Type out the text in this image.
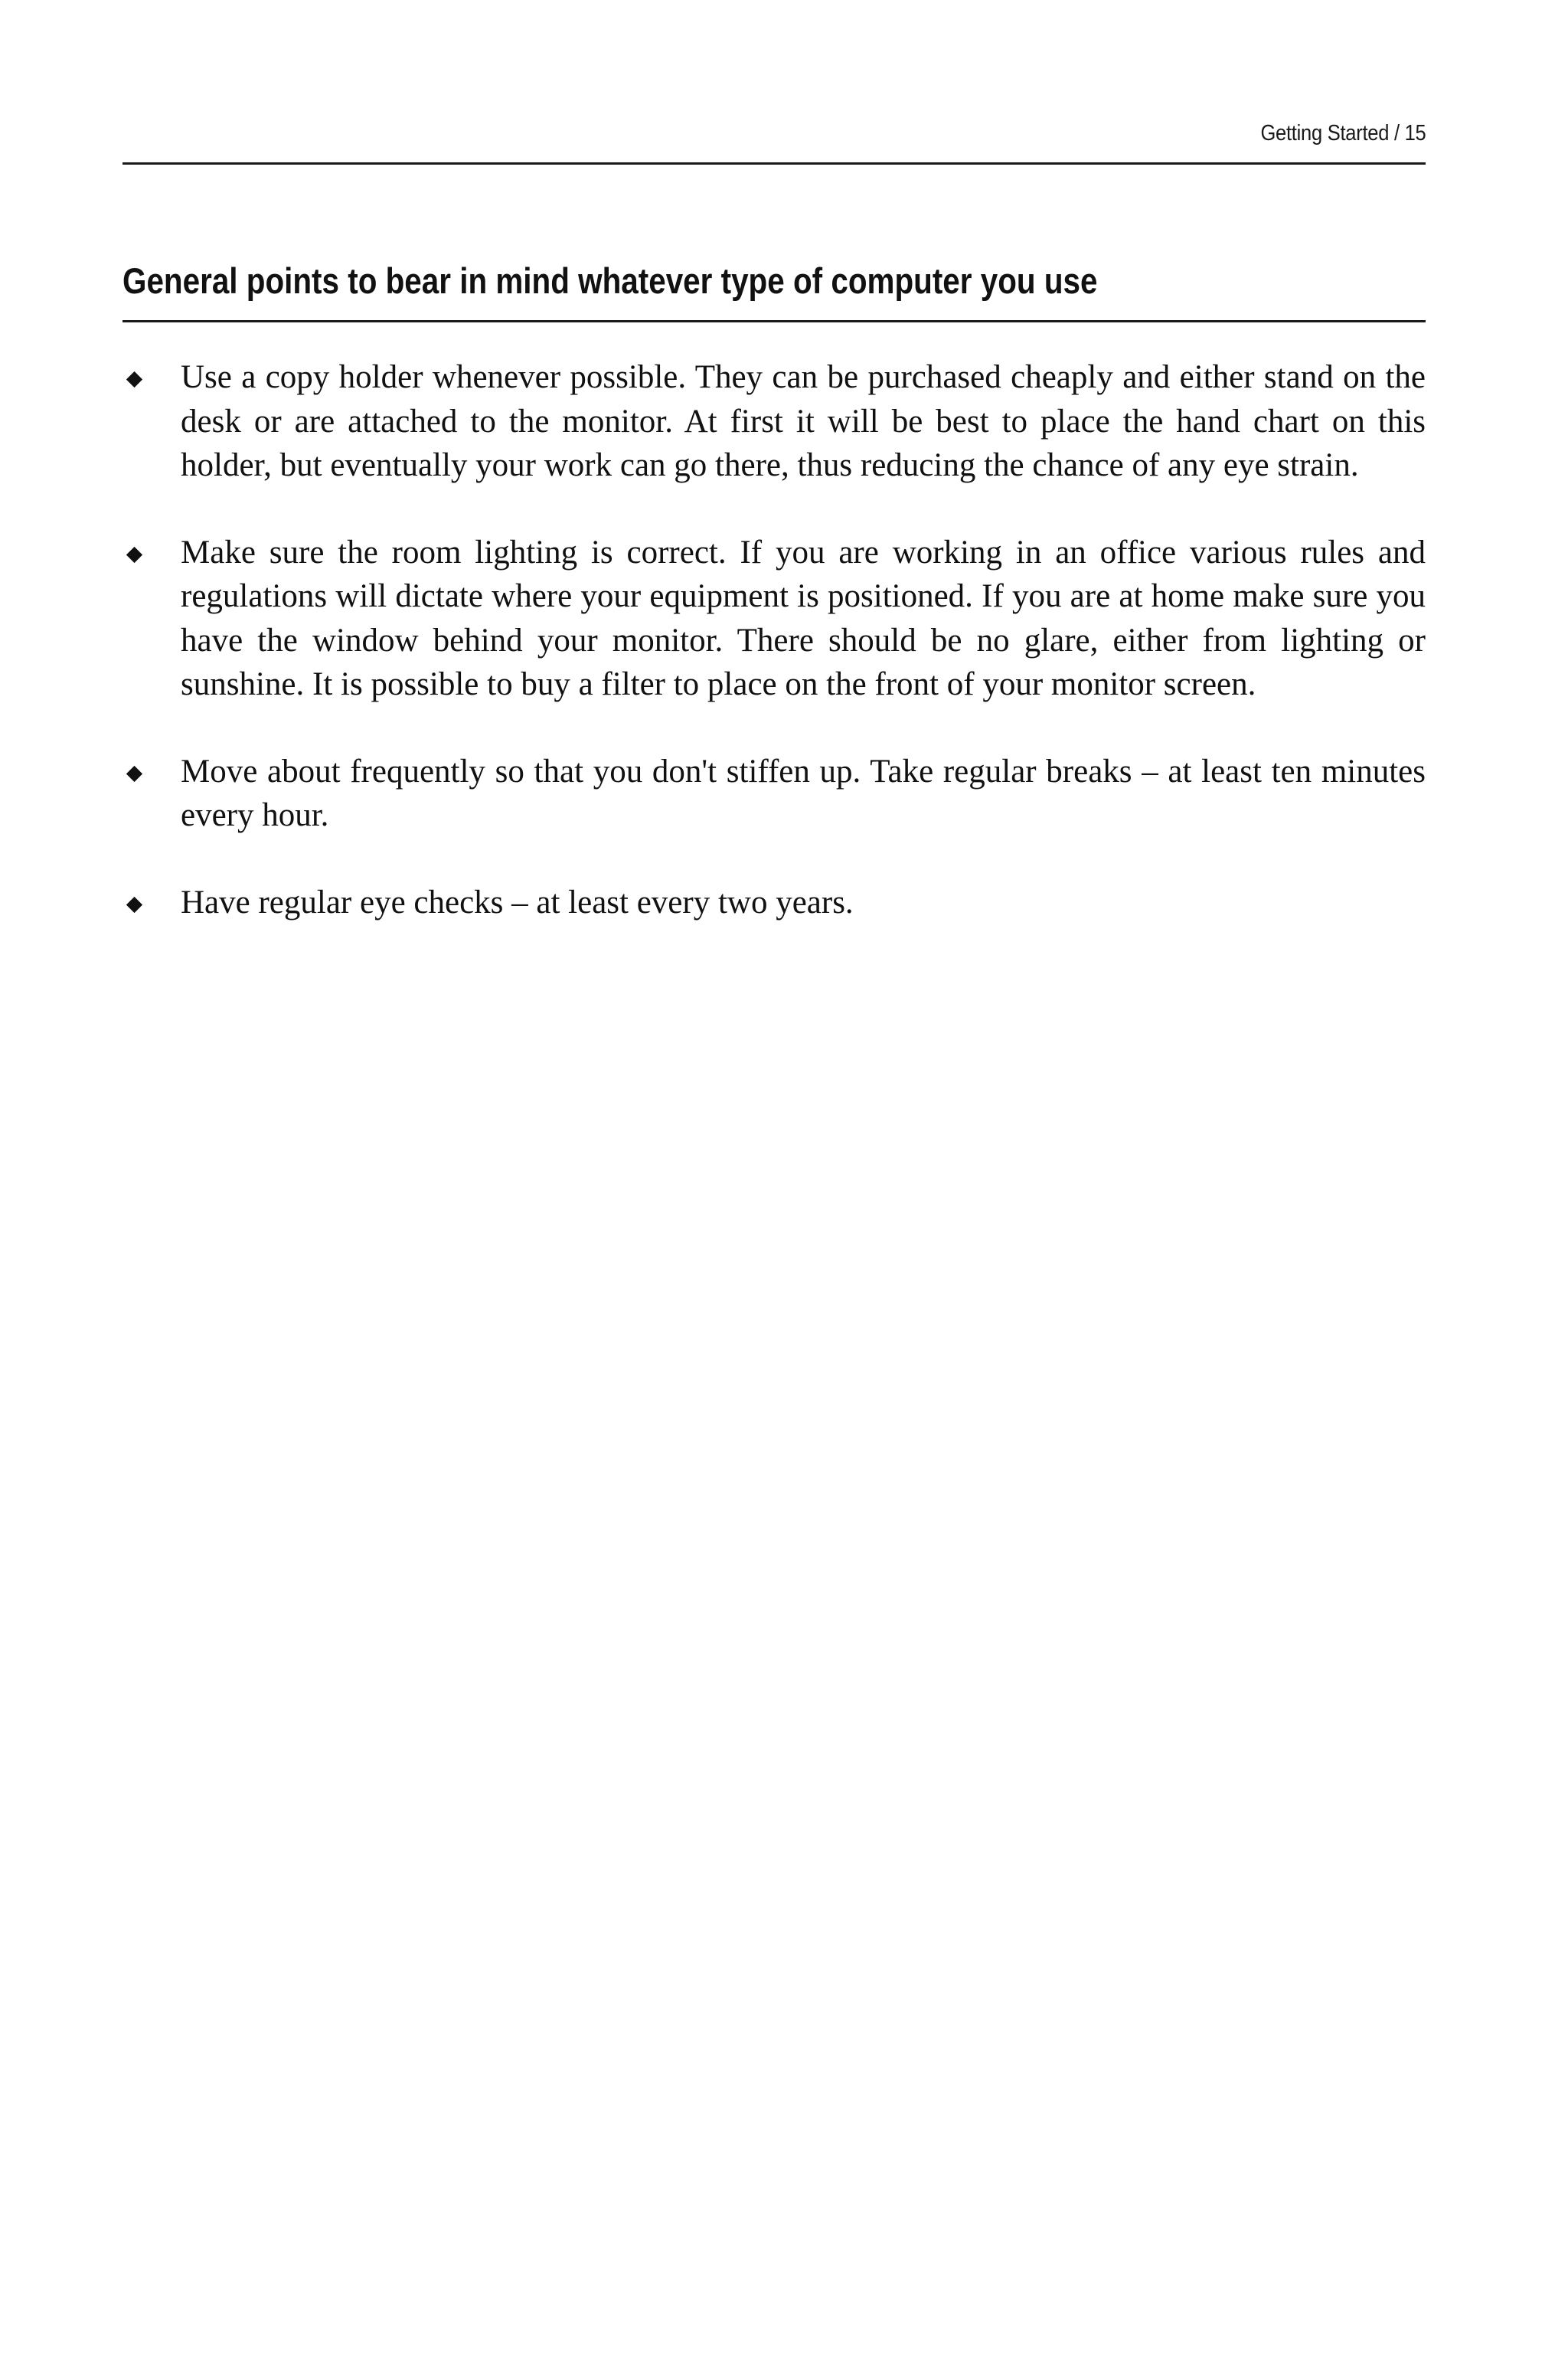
Getting Started / 15
General points to bear in mind whatever type of computer you use
Use a copy holder whenever possible. They can be purchased cheaply and either stand on the desk or are attached to the monitor. At first it will be best to place the hand chart on this holder, but eventually your work can go there, thus reducing the chance of any eye strain.
Make sure the room lighting is correct. If you are working in an office various rules and regulations will dictate where your equipment is positioned. If you are at home make sure you have the window behind your monitor. There should be no glare, either from lighting or sunshine. It is possible to buy a filter to place on the front of your monitor screen.
Move about frequently so that you don't stiffen up. Take regular breaks – at least ten minutes every hour.
Have regular eye checks – at least every two years.
